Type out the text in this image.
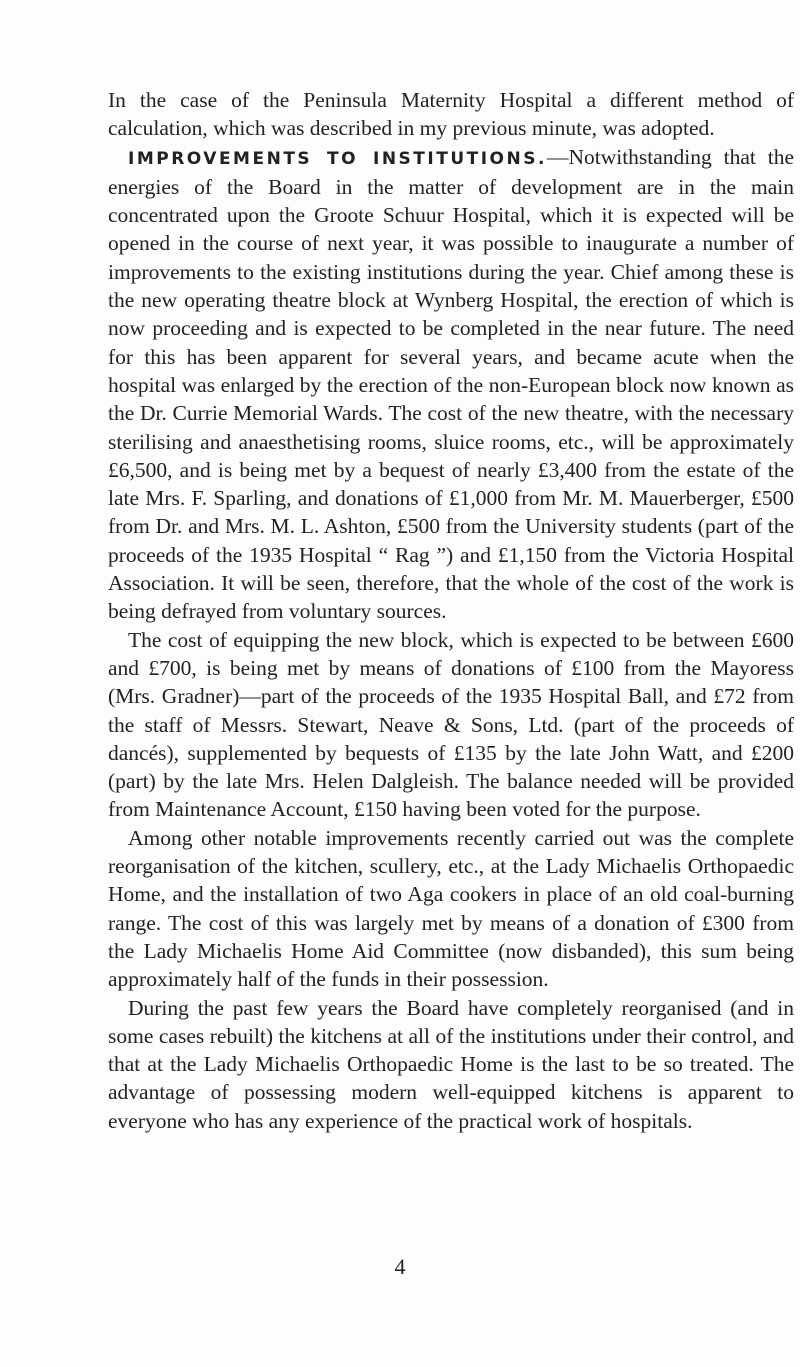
In the case of the Peninsula Maternity Hospital a different method of calculation, which was described in my previous minute, was adopted.

IMPROVEMENTS TO INSTITUTIONS.—Notwithstanding that the energies of the Board in the matter of development are in the main concentrated upon the Groote Schuur Hospital, which it is expected will be opened in the course of next year, it was possible to inaugurate a number of improvements to the existing institutions during the year. Chief among these is the new operating theatre block at Wynberg Hospital, the erection of which is now proceeding and is expected to be completed in the near future. The need for this has been apparent for several years, and became acute when the hospital was enlarged by the erection of the non-European block now known as the Dr. Currie Memorial Wards. The cost of the new theatre, with the necessary sterilising and anaesthetising rooms, sluice rooms, etc., will be approximately £6,500, and is being met by a bequest of nearly £3,400 from the estate of the late Mrs. F. Sparling, and donations of £1,000 from Mr. M. Mauerberger, £500 from Dr. and Mrs. M. L. Ashton, £500 from the University students (part of the proceeds of the 1935 Hospital “ Rag ”) and £1,150 from the Victoria Hospital Association. It will be seen, therefore, that the whole of the cost of the work is being defrayed from voluntary sources.

The cost of equipping the new block, which is expected to be between £600 and £700, is being met by means of donations of £100 from the Mayoress (Mrs. Gradner)—part of the proceeds of the 1935 Hospital Ball, and £72 from the staff of Messrs. Stewart, Neave & Sons, Ltd. (part of the proceeds of dancés), supplemented by bequests of £135 by the late John Watt, and £200 (part) by the late Mrs. Helen Dalgleish. The balance needed will be provided from Maintenance Account, £150 having been voted for the purpose.

Among other notable improvements recently carried out was the complete reorganisation of the kitchen, scullery, etc., at the Lady Michaelis Orthopaedic Home, and the installation of two Aga cookers in place of an old coal-burning range. The cost of this was largely met by means of a donation of £300 from the Lady Michaelis Home Aid Committee (now disbanded), this sum being approximately half of the funds in their possession.

During the past few years the Board have completely reorganised (and in some cases rebuilt) the kitchens at all of the institutions under their control, and that at the Lady Michaelis Orthopaedic Home is the last to be so treated. The advantage of possessing modern well-equipped kitchens is apparent to everyone who has any experience of the practical work of hospitals.

4
